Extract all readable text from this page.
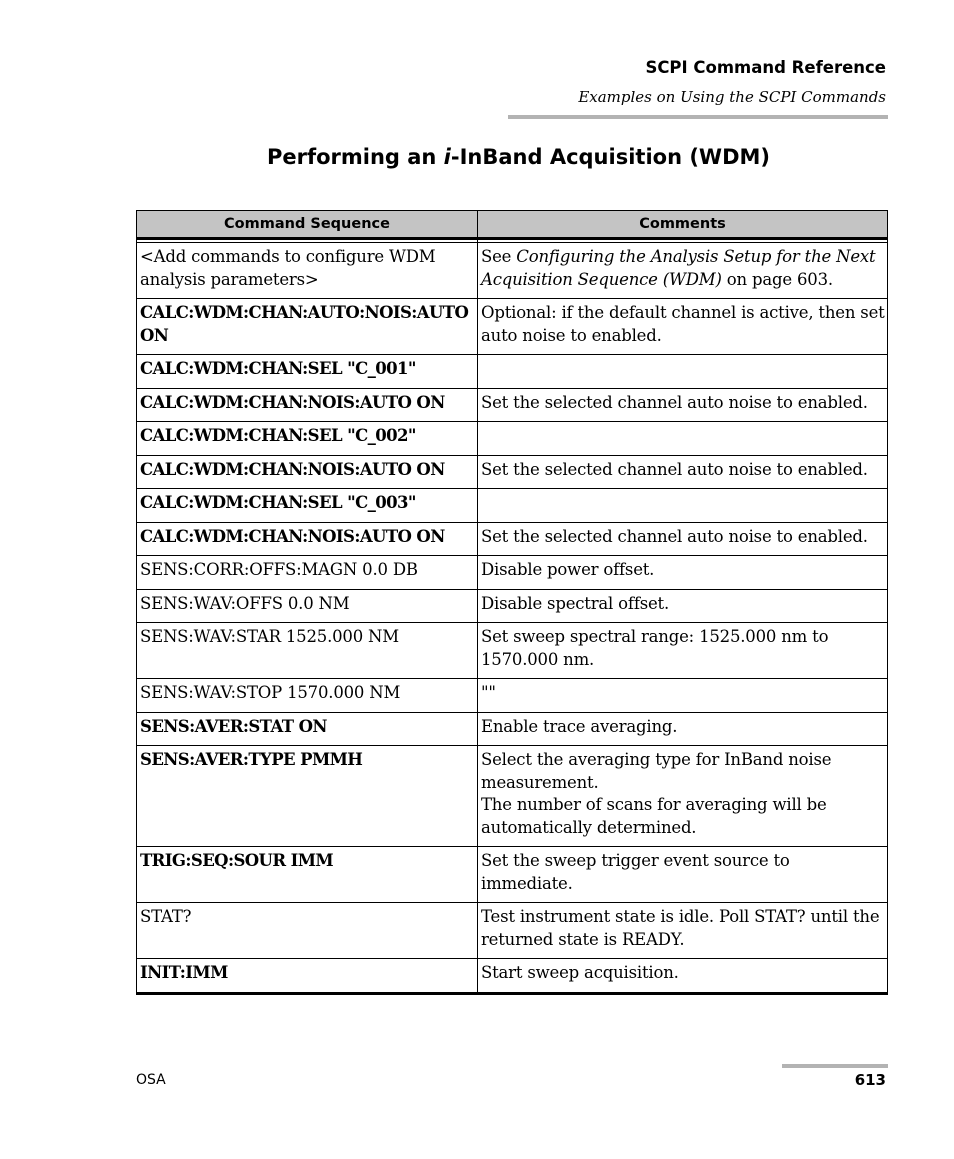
SCPI Command Reference
Examples on Using the SCPI Commands
Performing an i-InBand Acquisition (WDM)
Command Sequence	Comments

<Add commands to configure WDM analysis parameters>	See Configuring the Analysis Setup for the Next Acquisition Sequence (WDM) on page 603.
CALC:WDM:CHAN:AUTO:NOIS:AUTO ON	Optional: if the default channel is active, then set auto noise to enabled.
CALC:WDM:CHAN:SEL "C_001"	
CALC:WDM:CHAN:NOIS:AUTO ON	Set the selected channel auto noise to enabled.
CALC:WDM:CHAN:SEL "C_002"	
CALC:WDM:CHAN:NOIS:AUTO ON	Set the selected channel auto noise to enabled.
CALC:WDM:CHAN:SEL "C_003"	
CALC:WDM:CHAN:NOIS:AUTO ON	Set the selected channel auto noise to enabled.
SENS:CORR:OFFS:MAGN 0.0 DB	Disable power offset.
SENS:WAV:OFFS 0.0 NM	Disable spectral offset.
SENS:WAV:STAR 1525.000 NM	Set sweep spectral range: 1525.000 nm to 1570.000 nm.
SENS:WAV:STOP 1570.000 NM	""
SENS:AVER:STAT ON	Enable trace averaging.
SENS:AVER:TYPE PMMH	Select the averaging type for InBand noise measurement.
The number of scans for averaging will be automatically determined.
TRIG:SEQ:SOUR IMM	Set the sweep trigger event source to immediate.
STAT?	Test instrument state is idle. Poll STAT? until the returned state is READY.
INIT:IMM	Start sweep acquisition.
OSA	613
